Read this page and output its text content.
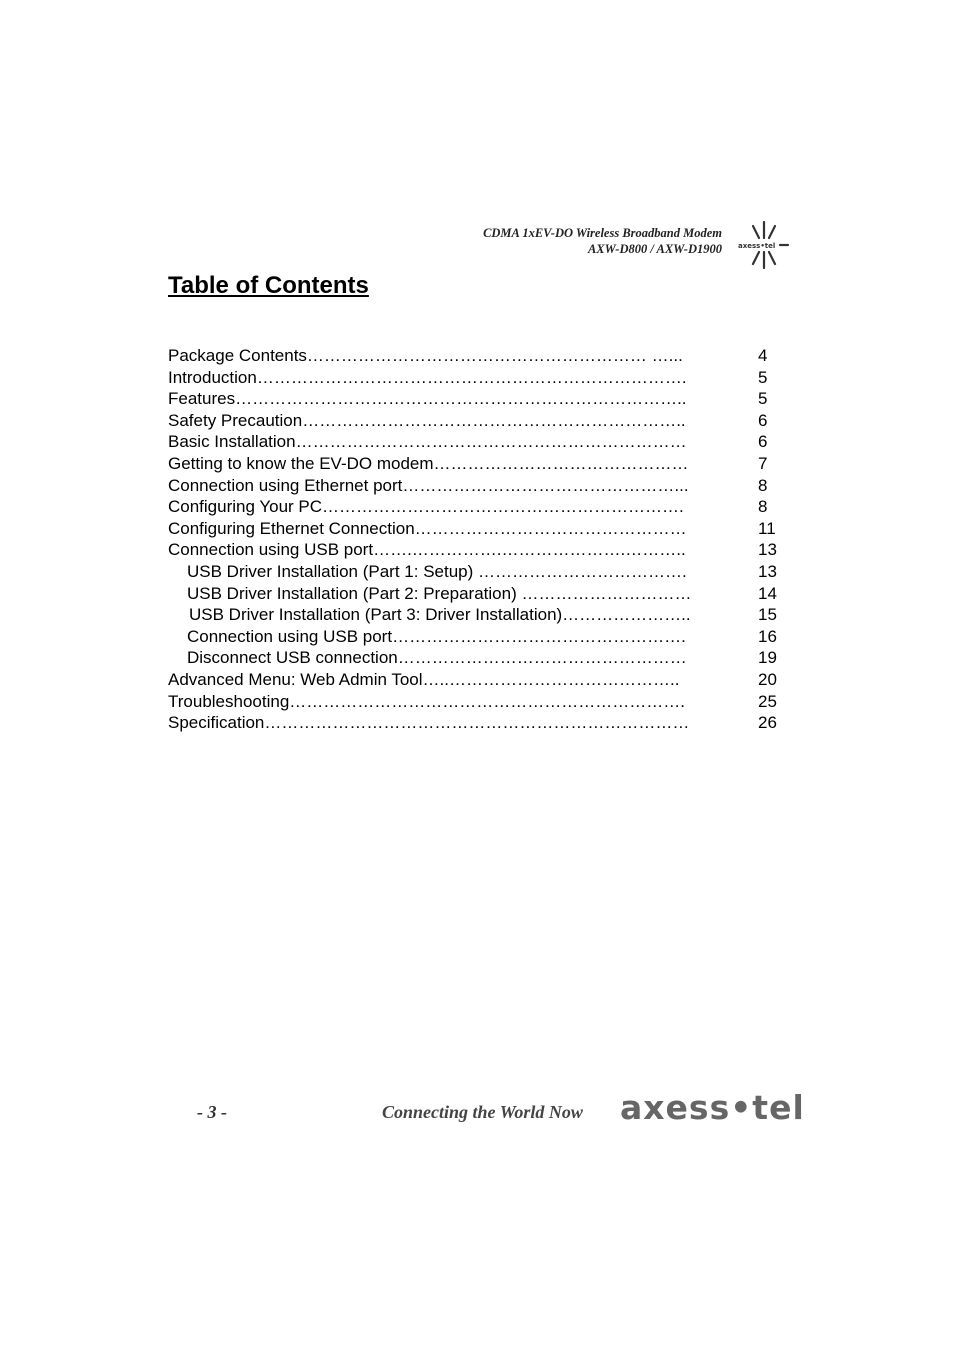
CDMA 1xEV-DO Wireless Broadband Modem
AXW-D800 / AXW-D1900 axess•tel
Table of Contents
Package Contents…………………………………………………… …...	4
Introduction………………………………………………………………….	5
Features……………………………………………………………………..	5
Safety Precaution…………………………………………………………..	6
Basic Installation……………………………………………………………	6
Getting to know the EV-DO modem………………………………………	7
Connection using Ethernet port…………………………………………...	8
Configuring Your PC……………………………………………………….	8
Configuring Ethernet Connection…………………………………………	11
Connection using USB port…….…………….………………….………..	13
USB Driver Installation (Part 1: Setup) ……………………………….	13
USB Driver Installation (Part 2: Preparation) …………………………	14
USB Driver Installation (Part 3: Driver Installation)…………………..	15
Connection using USB port…………………………………………….	16
Disconnect USB connection……………………………………………	19
Advanced Menu: Web Admin Tool…..…………………………………..	20
Troubleshooting…………………………………………………………….	25
Specification…………………………………………………………………	26
- 3 -	Connecting the World Now axess•tel
